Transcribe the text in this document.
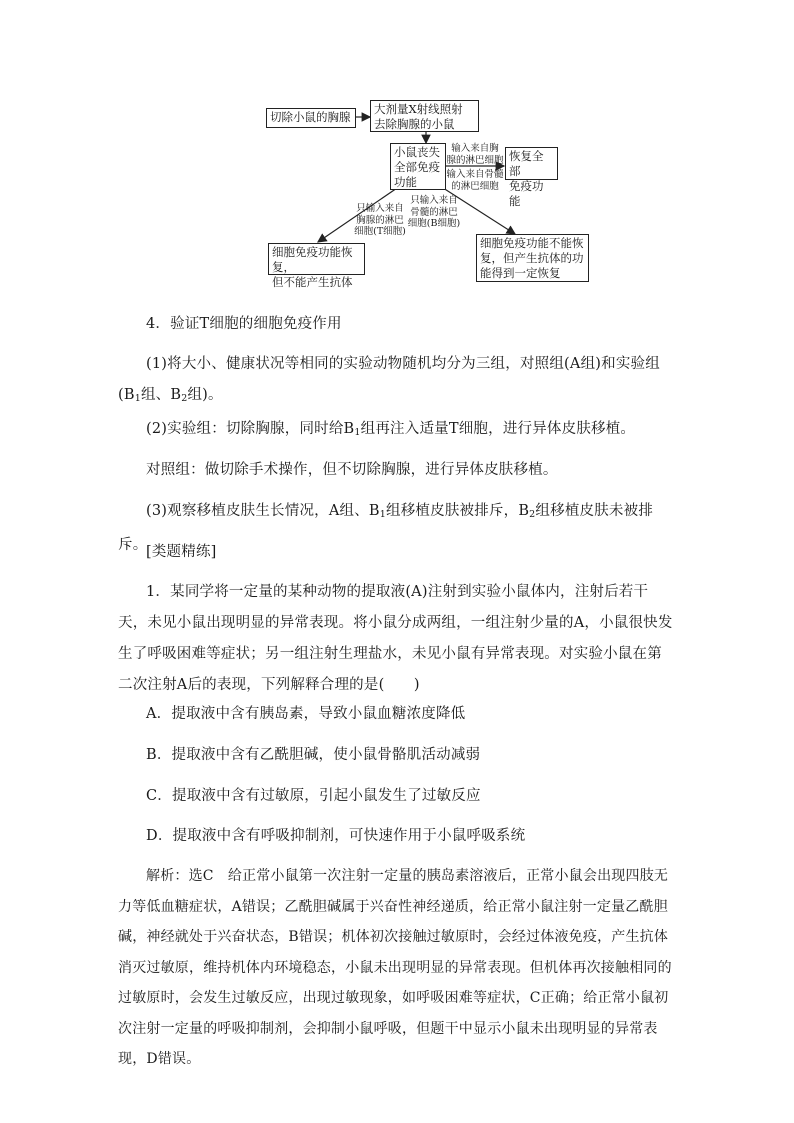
切除小鼠的胸腺
大剂量X射线照射
去除胸腺的小鼠
小鼠丧失
全部免疫
功能
恢复全部
免疫功能
细胞免疫功能恢复，
但不能产生抗体
细胞免疫功能不能恢
复，但产生抗体的功
能得到一定恢复
输入来自胸
腺的淋巴细胞
输入来自骨髓
的淋巴细胞
只输入来自
胸腺的淋巴
细胞(T细胞)
只输入来自
骨髓的淋巴
细胞(B细胞)
4．验证T细胞的细胞免疫作用
(1)将大小、健康状况等相同的实验动物随机均分为三组，对照组(A组)和实验组($B_1$组、$B_2$组)。
(2)实验组：切除胸腺，同时给$B_1$组再注入适量T细胞，进行异体皮肤移植。
对照组：做切除手术操作，但不切除胸腺，进行异体皮肤移植。
(3)观察移植皮肤生长情况，A组、$B_1$组移植皮肤被排斥，$B_2$组移植皮肤未被排斥。
[类题精练]
1．某同学将一定量的某种动物的提取液(A)注射到实验小鼠体内，注射后若干天，未见小鼠出现明显的异常表现。将小鼠分成两组，一组注射少量的A，小鼠很快发生了呼吸困难等症状；另一组注射生理盐水，未见小鼠有异常表现。对实验小鼠在第二次注射A后的表现，下列解释合理的是(　　)
A．提取液中含有胰岛素，导致小鼠血糖浓度降低
B．提取液中含有乙酰胆碱，使小鼠骨骼肌活动减弱
C．提取液中含有过敏原，引起小鼠发生了过敏反应
D．提取液中含有呼吸抑制剂，可快速作用于小鼠呼吸系统
解析：选C　给正常小鼠第一次注射一定量的胰岛素溶液后，正常小鼠会出现四肢无力等低血糖症状，A错误；乙酰胆碱属于兴奋性神经递质，给正常小鼠注射一定量乙酰胆碱，神经就处于兴奋状态，B错误；机体初次接触过敏原时，会经过体液免疫，产生抗体消灭过敏原，维持机体内环境稳态，小鼠未出现明显的异常表现。但机体再次接触相同的过敏原时，会发生过敏反应，出现过敏现象，如呼吸困难等症状，C正确；给正常小鼠初次注射一定量的呼吸抑制剂，会抑制小鼠呼吸，但题干中显示小鼠未出现明显的异常表现，D错误。
